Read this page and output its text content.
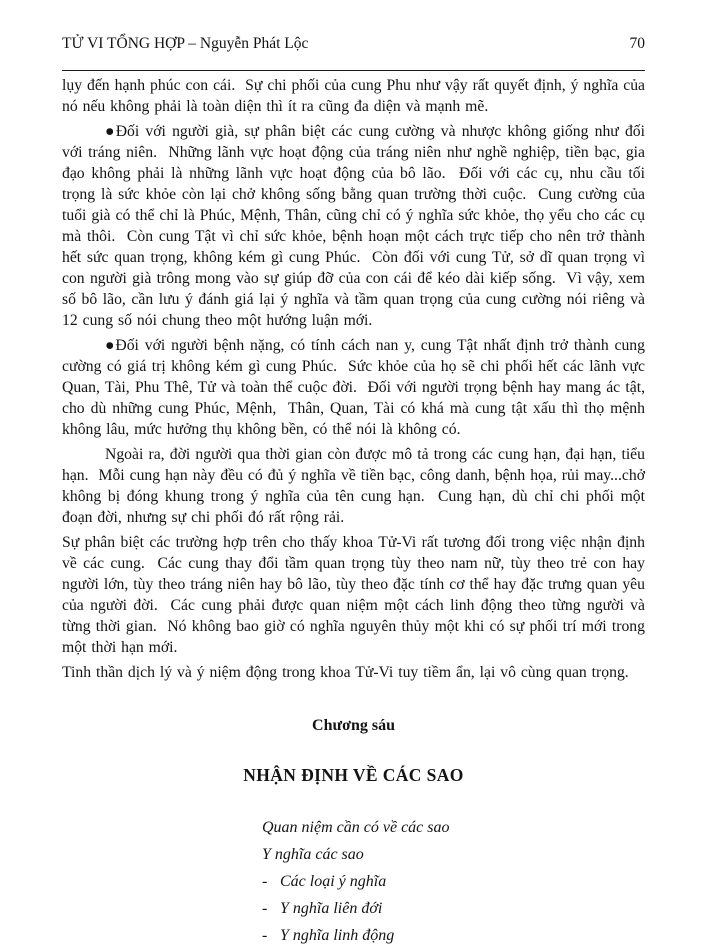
TỬ VI TỔNG HỢP – Nguyễn Phát Lộc	70

lụy đến hạnh phúc con cái.  Sự chi phối của cung Phu như vậy rất quyết định, ý nghĩa của nó nếu không phải là toàn diện thì ít ra cũng đa diện và mạnh mẽ.

●Đối với người già, sự phân biệt các cung cường và nhược không giống như đối với tráng niên.  Những lãnh vực hoạt động của tráng niên như nghề nghiệp, tiền bạc, gia đạo không phải là những lãnh vực hoạt động của bô lão.  Đối với các cụ, nhu cầu tối trọng là sức khỏe còn lại chở không sống bằng quan trường thời cuộc.  Cung cường của tuổi già có thể chỉ là Phúc, Mệnh, Thân, cũng chỉ có ý nghĩa sức khỏe, thọ yểu cho các cụ mà thôi.  Còn cung Tật vì chỉ sức khỏe, bệnh hoạn một cách trực tiếp cho nên trở thành hết sức quan trọng, không kém gì cung Phúc.  Còn đối với cung Tử, sở dĩ quan trọng vì con người già trông mong vào sự giúp đỡ của con cái để kéo dài kiếp sống.  Vì vậy, xem số bô lão, cần lưu ý đánh giá lại ý nghĩa và tầm quan trọng của cung cường nói riêng và 12 cung số nói chung theo một hướng luận mới.

●Đối với người bệnh nặng, có tính cách nan y, cung Tật nhất định trở thành cung cường có giá trị không kém gì cung Phúc.  Sức khỏe của họ sẽ chi phối hết các lãnh vực Quan, Tài, Phu Thê, Tử và toàn thể cuộc đời.  Đối với người trọng bệnh hay mang ác tật, cho dù những cung Phúc, Mệnh,  Thân, Quan, Tài có khá mà cung tật xấu thì thọ mệnh không lâu, mức hưởng thụ không bền, có thể nói là không có.

Ngoài ra, đời người qua thời gian còn được mô tả trong các cung hạn, đại hạn, tiểu hạn.  Mỗi cung hạn này đều có đủ ý nghĩa về tiền bạc, công danh, bệnh họa, rủi may...chở không bị đóng khung trong ý nghĩa của tên cung hạn.  Cung hạn, dù chỉ chi phối một đoạn đời, nhưng sự chi phối đó rất rộng rải.

Sự phân biệt các trường hợp trên cho thấy khoa Tử-Vi rất tương đối trong việc nhận định về các cung.  Các cung thay đổi tầm quan trọng tùy theo nam nữ, tùy theo trẻ con hay người lớn, tùy theo tráng niên hay bô lão, tùy theo đặc tính cơ thể hay đặc trưng quan yêu của người đời.  Các cung phải được quan niệm một cách linh động theo từng người và từng thời gian.  Nó không bao giờ có nghĩa nguyên thủy một khi có sự phối trí mới trong một thời hạn mới.

Tinh thần dịch lý và ý niệm động trong khoa Tử-Vi tuy tiềm ẩn, lại vô cùng quan trọng.

Chương sáu
NHẬN ĐỊNH VỀ CÁC SAO
Quan niệm cần có về các sao
Y nghĩa các sao
- Các loại ý nghĩa
- Y nghĩa liên đới
- Y nghĩa linh động
